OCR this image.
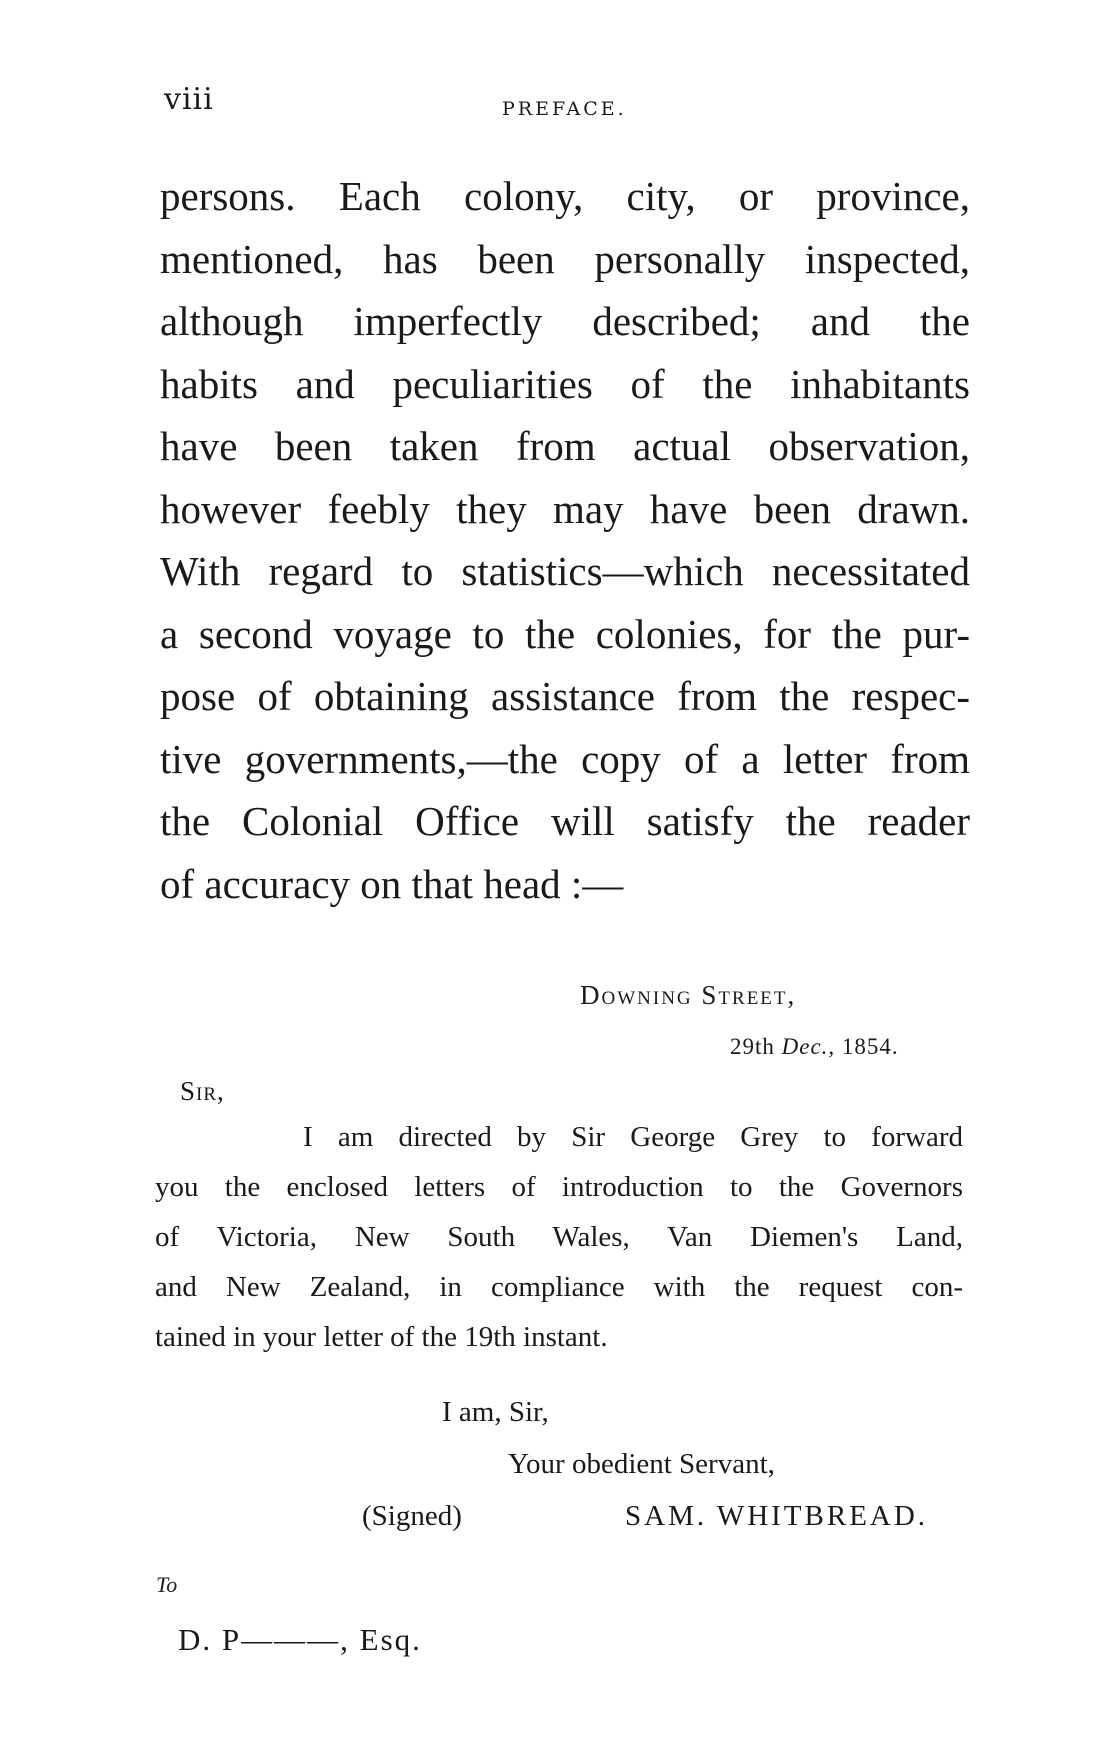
viii	PREFACE.
persons. Each colony, city, or province,
mentioned, has been personally inspected,
although imperfectly described; and the
habits and peculiarities of the inhabitants
have been taken from actual observation,
however feebly they may have been drawn.
With regard to statistics—which necessitated
a second voyage to the colonies, for the pur-
pose of obtaining assistance from the respec-
tive governments,—the copy of a letter from
the Colonial Office will satisfy the reader
of accuracy on that head :—
Downing Street,
29th Dec., 1854.
Sir,
I am directed by Sir George Grey to forward
you the enclosed letters of introduction to the Governors
of Victoria, New South Wales, Van Diemen's Land,
and New Zealand, in compliance with the request con-
tained in your letter of the 19th instant.
I am, Sir,
Your obedient Servant,
(Signed)	SAM. WHITBREAD.
To
D. P———, Esq.
